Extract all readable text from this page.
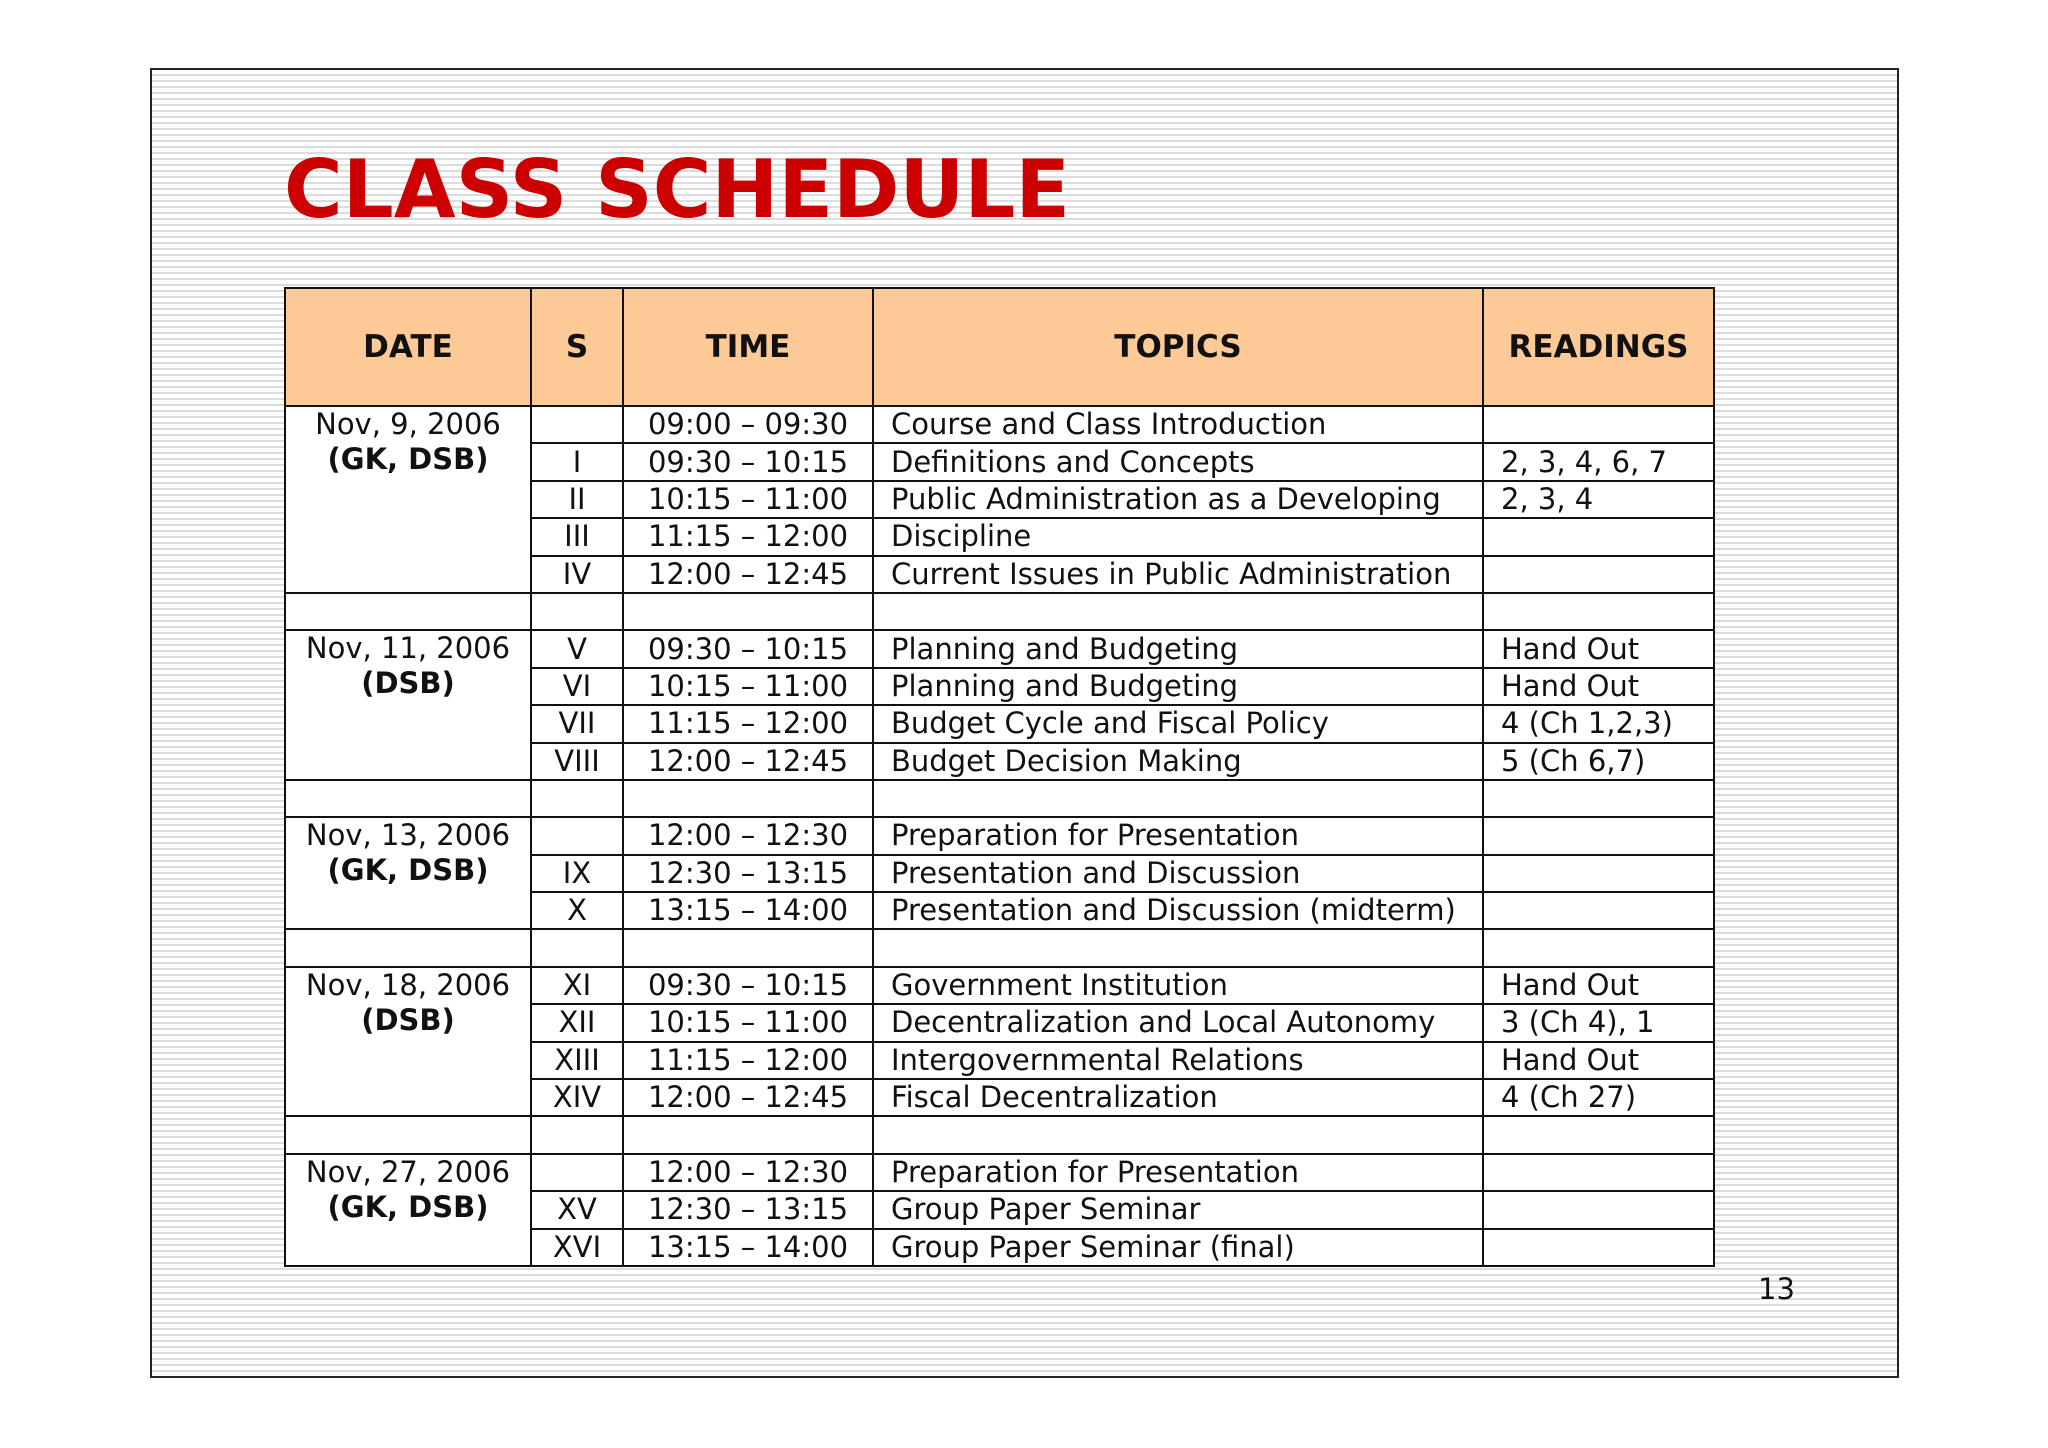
CLASS SCHEDULE
DATE	S	TIME	TOPICS	READINGS

Nov, 9, 2006
(GK, DSB)		09:00 – 09:30	Course and Class Introduction	
	I	09:30 – 10:15	Definitions and Concepts	2, 3, 4, 6, 7
	II	10:15 – 11:00	Public Administration as a Developing	2, 3, 4
	III	11:15 – 12:00	Discipline	
	IV	12:00 – 12:45	Current Issues in Public Administration	

Nov, 11, 2006
(DSB)	V	09:30 – 10:15	Planning and Budgeting	Hand Out
	VI	10:15 – 11:00	Planning and Budgeting	Hand Out
	VII	11:15 – 12:00	Budget Cycle and Fiscal Policy	4 (Ch 1,2,3)
	VIII	12:00 – 12:45	Budget Decision Making	5 (Ch 6,7)

Nov, 13, 2006
(GK, DSB)		12:00 – 12:30	Preparation for Presentation	
	IX	12:30 – 13:15	Presentation and Discussion	
	X	13:15 – 14:00	Presentation and Discussion (midterm)	

Nov, 18, 2006
(DSB)	XI	09:30 – 10:15	Government Institution	Hand Out
	XII	10:15 – 11:00	Decentralization and Local Autonomy	3 (Ch 4), 1
	XIII	11:15 – 12:00	Intergovernmental Relations	Hand Out
	XIV	12:00 – 12:45	Fiscal Decentralization	4 (Ch 27)

Nov, 27, 2006
(GK, DSB)		12:00 – 12:30	Preparation for Presentation	
	XV	12:30 – 13:15	Group Paper Seminar	
	XVI	13:15 – 14:00	Group Paper Seminar (final)	
13
